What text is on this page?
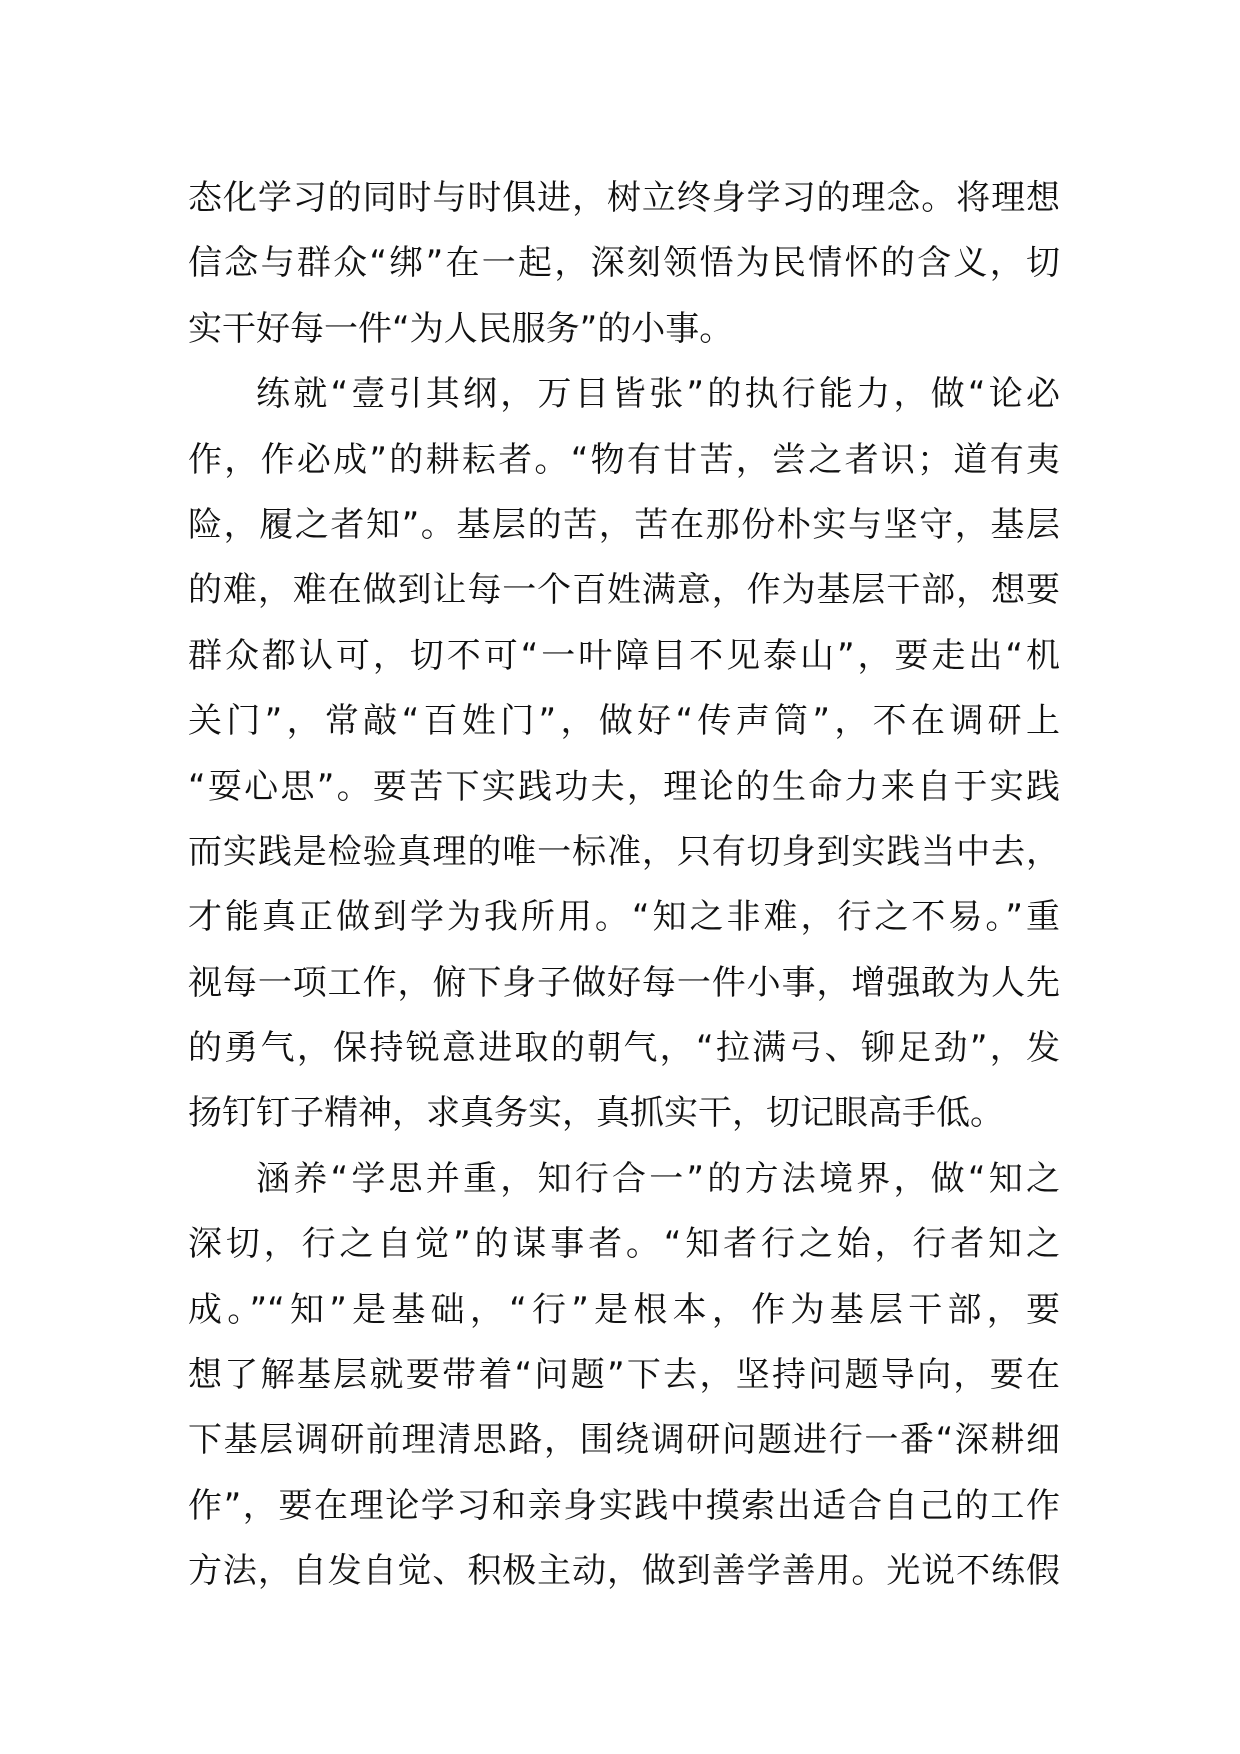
态化学习的同时与时俱进，树立终身学习的理念。将理想
信念与群众“绑”在一起，深刻领悟为民情怀的含义，切
实干好每一件“为人民服务”的小事。
练就“壹引其纲，万目皆张”的执行能力，做“论必
作，作必成”的耕耘者。“物有甘苦，尝之者识；道有夷
险，履之者知”。基层的苦，苦在那份朴实与坚守，基层
的难，难在做到让每一个百姓满意，作为基层干部，想要
群众都认可，切不可“一叶障目不见泰山”，要走出“机
关门”，常敲“百姓门”，做好“传声筒”，不在调研上
“耍心思”。要苦下实践功夫，理论的生命力来自于实践
而实践是检验真理的唯一标准，只有切身到实践当中去，
才能真正做到学为我所用。“知之非难，行之不易。”重
视每一项工作，俯下身子做好每一件小事，增强敢为人先
的勇气，保持锐意进取的朝气，“拉满弓、铆足劲”，发
扬钉钉子精神，求真务实，真抓实干，切记眼高手低。
涵养“学思并重，知行合一”的方法境界，做“知之
深切，行之自觉”的谋事者。“知者行之始，行者知之
成。”“知”是基础，“行”是根本，作为基层干部，要
想了解基层就要带着“问题”下去，坚持问题导向，要在
下基层调研前理清思路，围绕调研问题进行一番“深耕细
作”，要在理论学习和亲身实践中摸索出适合自己的工作
方法，自发自觉、积极主动，做到善学善用。光说不练假
